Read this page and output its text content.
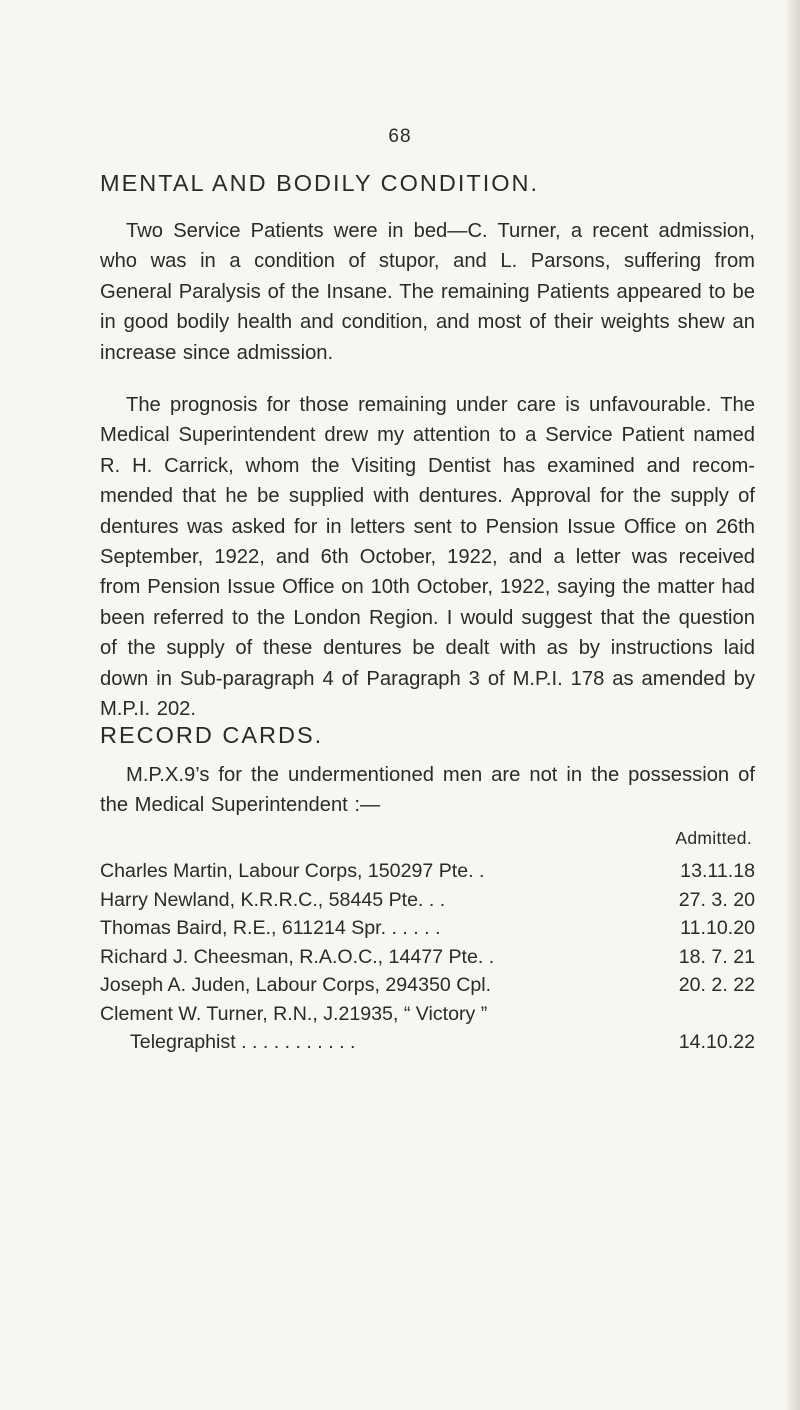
68
MENTAL AND BODILY CONDITION.
Two Service Patients were in bed—C. Turner, a recent admission, who was in a condition of stupor, and L. Parsons, suffering from General Paralysis of the Insane. The remaining Patients appeared to be in good bodily health and condition, and most of their weights shew an increase since admission.
The prognosis for those remaining under care is unfavourable. The Medical Superintendent drew my attention to a Service Patient named R. H. Carrick, whom the Visiting Dentist has examined and recom-mended that he be supplied with dentures. Approval for the supply of dentures was asked for in letters sent to Pension Issue Office on 26th September, 1922, and 6th October, 1922, and a letter was received from Pension Issue Office on 10th October, 1922, saying the matter had been referred to the London Region. I would suggest that the question of the supply of these dentures be dealt with as by instructions laid down in Sub-paragraph 4 of Paragraph 3 of M.P.I. 178 as amended by M.P.I. 202.
RECORD CARDS.
M.P.X.9’s for the undermentioned men are not in the possession of the Medical Superintendent :—
Admitted.
Charles Martin, Labour Corps, 150297 Pte. .	13.11.18
Harry Newland, K.R.R.C., 58445 Pte. . .	27. 3. 20
Thomas Baird, R.E., 611214 Spr. . . . . .	11.10.20
Richard J. Cheesman, R.A.O.C., 14477 Pte. .	18. 7. 21
Joseph A. Juden, Labour Corps, 294350 Cpl.	20. 2. 22
Clement W. Turner, R.N., J.21935, “ Victory ”
Telegraphist . . . . . . . . . . .	14.10.22
